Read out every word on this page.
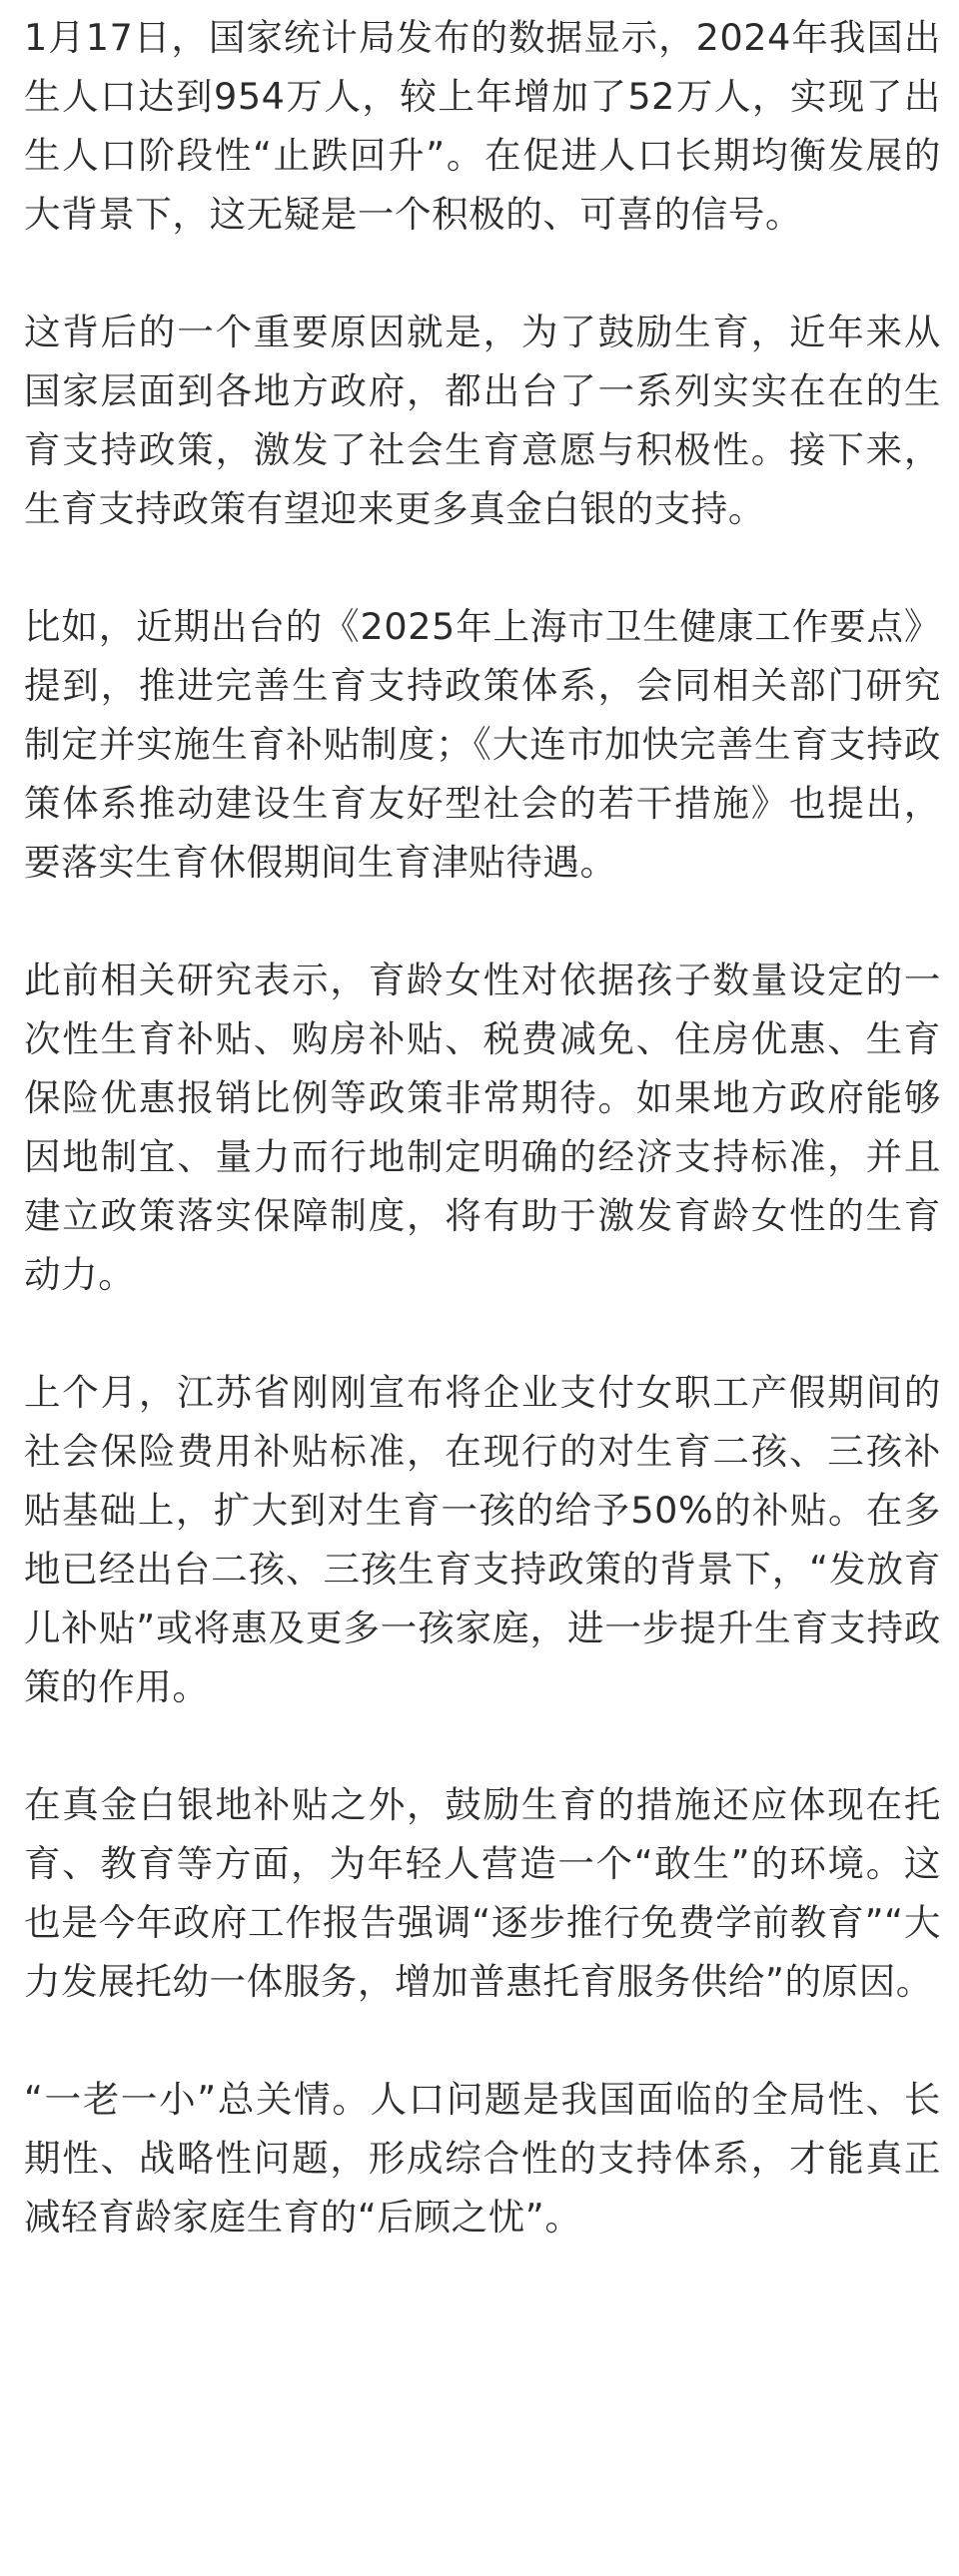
1月17日，国家统计局发布的数据显示，2024年我国出生人口达到954万人，较上年增加了52万人，实现了出生人口阶段性“止跌回升”。在促进人口长期均衡发展的大背景下，这无疑是一个积极的、可喜的信号。

这背后的一个重要原因就是，为了鼓励生育，近年来从国家层面到各地方政府，都出台了一系列实实在在的生育支持政策，激发了社会生育意愿与积极性。接下来，生育支持政策有望迎来更多真金白银的支持。

比如，近期出台的《2025年上海市卫生健康工作要点》提到，推进完善生育支持政策体系，会同相关部门研究制定并实施生育补贴制度；《大连市加快完善生育支持政策体系推动建设生育友好型社会的若干措施》也提出，要落实生育休假期间生育津贴待遇。

此前相关研究表示，育龄女性对依据孩子数量设定的一次性生育补贴、购房补贴、税费减免、住房优惠、生育保险优惠报销比例等政策非常期待。如果地方政府能够因地制宜、量力而行地制定明确的经济支持标准，并且建立政策落实保障制度，将有助于激发育龄女性的生育动力。

上个月，江苏省刚刚宣布将企业支付女职工产假期间的社会保险费用补贴标准，在现行的对生育二孩、三孩补贴基础上，扩大到对生育一孩的给予50%的补贴。在多地已经出台二孩、三孩生育支持政策的背景下，“发放育儿补贴”或将惠及更多一孩家庭，进一步提升生育支持政策的作用。

在真金白银地补贴之外，鼓励生育的措施还应体现在托育、教育等方面，为年轻人营造一个“敢生”的环境。这也是今年政府工作报告强调“逐步推行免费学前教育”“大力发展托幼一体服务，增加普惠托育服务供给”的原因。

“一老一小”总关情。人口问题是我国面临的全局性、长期性、战略性问题，形成综合性的支持体系，才能真正减轻育龄家庭生育的“后顾之忧”。
